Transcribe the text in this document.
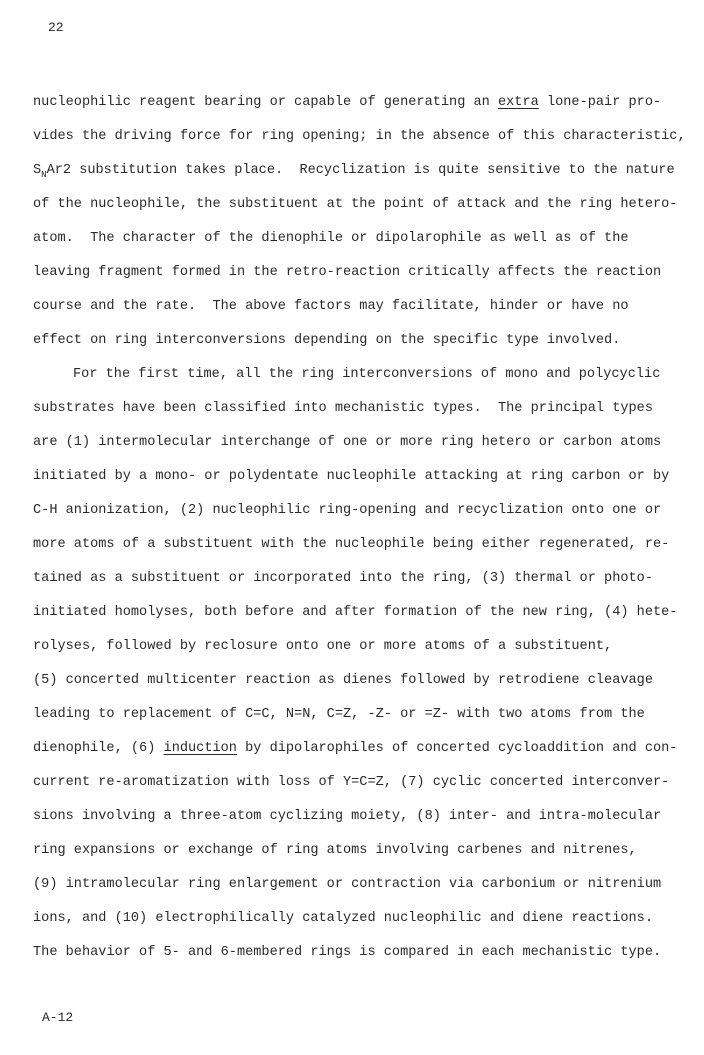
22
nucleophilic reagent bearing or capable of generating an extra lone-pair pro-
vides the driving force for ring opening; in the absence of this characteristic,
$S_NAr2$ substitution takes place.  Recyclization is quite sensitive to the nature
of the nucleophile, the substituent at the point of attack and the ring hetero-
atom.  The character of the dienophile or dipolarophile as well as of the
leaving fragment formed in the retro-reaction critically affects the reaction
course and the rate.  The above factors may facilitate, hinder or have no
effect on ring interconversions depending on the specific type involved.
For the first time, all the ring interconversions of mono and polycyclic
substrates have been classified into mechanistic types.  The principal types
are (1) intermolecular interchange of one or more ring hetero or carbon atoms
initiated by a mono- or polydentate nucleophile attacking at ring carbon or by
C-H anionization, (2) nucleophilic ring-opening and recyclization onto one or
more atoms of a substituent with the nucleophile being either regenerated, re-
tained as a substituent or incorporated into the ring, (3) thermal or photo-
initiated homolyses, both before and after formation of the new ring, (4) hete-
rolyses, followed by reclosure onto one or more atoms of a substituent,
(5) concerted multicenter reaction as dienes followed by retrodiene cleavage
leading to replacement of C=C, N=N, C=Z, -Z- or =Z- with two atoms from the
dienophile, (6) induction by dipolarophiles of concerted cycloaddition and con-
current re-aromatization with loss of Y=C=Z, (7) cyclic concerted interconver-
sions involving a three-atom cyclizing moiety, (8) inter- and intra-molecular
ring expansions or exchange of ring atoms involving carbenes and nitrenes,
(9) intramolecular ring enlargement or contraction via carbonium or nitrenium
ions, and (10) electrophilically catalyzed nucleophilic and diene reactions.
The behavior of 5- and 6-membered rings is compared in each mechanistic type.
A-12
